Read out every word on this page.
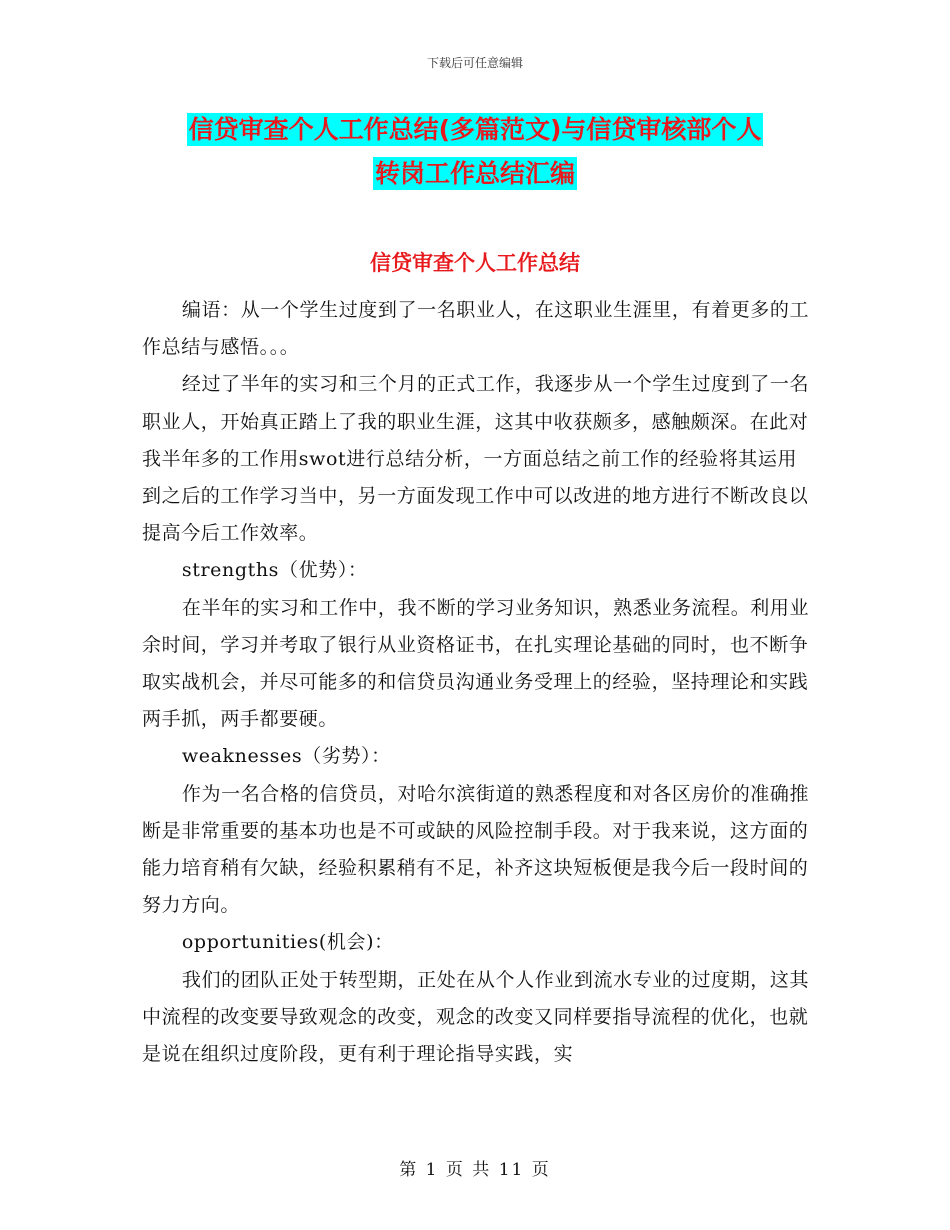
下载后可任意编辑
信贷审查个人工作总结(多篇范文)与信贷审核部个人
转岗工作总结汇编
信贷审查个人工作总结

编语：从一个学生过度到了一名职业人，在这职业生涯里，有着更多的工作总结与感悟。。。

经过了半年的实习和三个月的正式工作，我逐步从一个学生过度到了一名职业人，开始真正踏上了我的职业生涯，这其中收获颇多，感触颇深。在此对我半年多的工作用swot进行总结分析，一方面总结之前工作的经验将其运用到之后的工作学习当中，另一方面发现工作中可以改进的地方进行不断改良以提高今后工作效率。

strengths（优势）：

在半年的实习和工作中，我不断的学习业务知识，熟悉业务流程。利用业余时间，学习并考取了银行从业资格证书，在扎实理论基础的同时，也不断争取实战机会，并尽可能多的和信贷员沟通业务受理上的经验，坚持理论和实践两手抓，两手都要硬。

weaknesses（劣势）：

作为一名合格的信贷员，对哈尔滨街道的熟悉程度和对各区房价的准确推断是非常重要的基本功也是不可或缺的风险控制手段。对于我来说，这方面的能力培育稍有欠缺，经验积累稍有不足，补齐这块短板便是我今后一段时间的努力方向。

opportunities(机会)：

我们的团队正处于转型期，正处在从个人作业到流水专业的过度期，这其中流程的改变要导致观念的改变，观念的改变又同样要指导流程的优化，也就是说在组织过度阶段，更有利于理论指导实践，实

第 1 页 共 11 页
